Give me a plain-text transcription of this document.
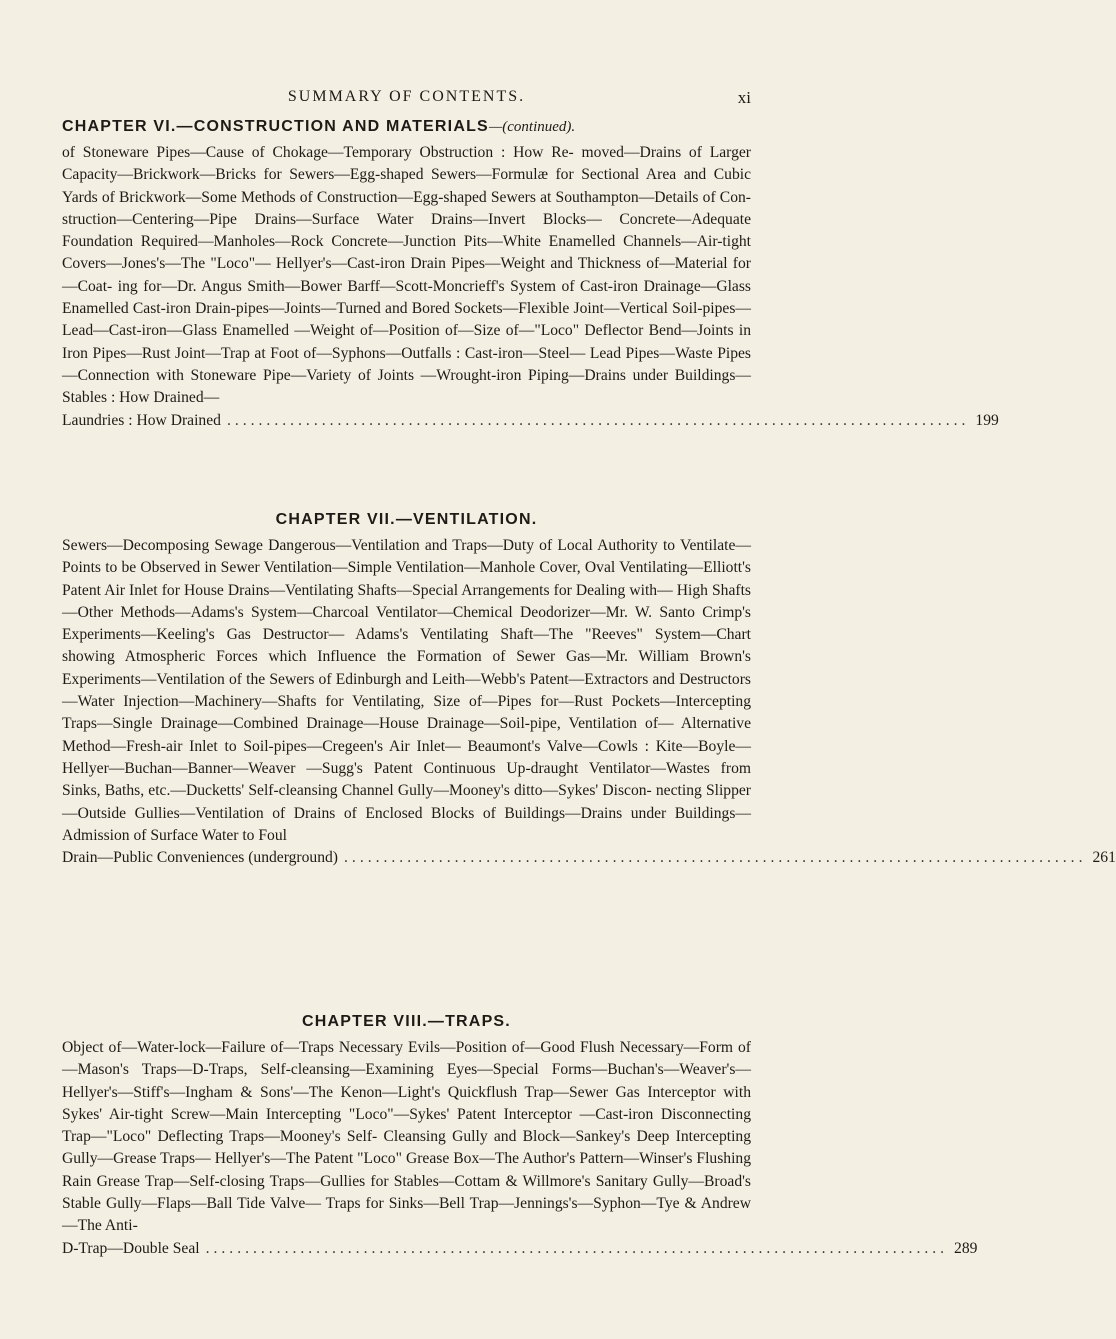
SUMMARY OF CONTENTS.	xi
CHAPTER VI.—CONSTRUCTION AND MATERIALS—(continued).
of Stoneware Pipes—Cause of Chokage—Temporary Obstruction : How Re- moved—Drains of Larger Capacity—Brickwork—Bricks for Sewers—Egg-shaped Sewers—Formulæ for Sectional Area and Cubic Yards of Brickwork—Some Methods of Construction—Egg-shaped Sewers at Southampton—Details of Con- struction—Centering—Pipe Drains—Surface Water Drains—Invert Blocks— Concrete—Adequate Foundation Required—Manholes—Rock Concrete—Junction Pits—White Enamelled Channels—Air-tight Covers—Jones's—The "Loco"— Hellyer's—Cast-iron Drain Pipes—Weight and Thickness of—Material for—Coat- ing for—Dr. Angus Smith—Bower Barff—Scott-Moncrieff's System of Cast-iron Drainage—Glass Enamelled Cast-iron Drain-pipes—Joints—Turned and Bored Sockets—Flexible Joint—Vertical Soil-pipes—Lead—Cast-iron—Glass Enamelled —Weight of—Position of—Size of—"Loco" Deflector Bend—Joints in Iron Pipes—Rust Joint—Trap at Foot of—Syphons—Outfalls : Cast-iron—Steel— Lead Pipes—Waste Pipes—Connection with Stoneware Pipe—Variety of Joints —Wrought-iron Piping—Drains under Buildings—Stables : How Drained—
Laundries : How Drained .............................................................................................. 199
CHAPTER VII.—VENTILATION.
Sewers—Decomposing Sewage Dangerous—Ventilation and Traps—Duty of Local Authority to Ventilate—Points to be Observed in Sewer Ventilation—Simple Ventilation—Manhole Cover, Oval Ventilating—Elliott's Patent Air Inlet for House Drains—Ventilating Shafts—Special Arrangements for Dealing with— High Shafts—Other Methods—Adams's System—Charcoal Ventilator—Chemical Deodorizer—Mr. W. Santo Crimp's Experiments—Keeling's Gas Destructor— Adams's Ventilating Shaft—The "Reeves" System—Chart showing Atmospheric Forces which Influence the Formation of Sewer Gas—Mr. William Brown's Experiments—Ventilation of the Sewers of Edinburgh and Leith—Webb's Patent—Extractors and Destructors—Water Injection—Machinery—Shafts for Ventilating, Size of—Pipes for—Rust Pockets—Intercepting Traps—Single Drainage—Combined Drainage—House Drainage—Soil-pipe, Ventilation of— Alternative Method—Fresh-air Inlet to Soil-pipes—Cregeen's Air Inlet— Beaumont's Valve—Cowls : Kite—Boyle—Hellyer—Buchan—Banner—Weaver —Sugg's Patent Continuous Up-draught Ventilator—Wastes from Sinks, Baths, etc.—Ducketts' Self-cleansing Channel Gully—Mooney's ditto—Sykes' Discon- necting Slipper—Outside Gullies—Ventilation of Drains of Enclosed Blocks of Buildings—Drains under Buildings—Admission of Surface Water to Foul
Drain—Public Conveniences (underground) .............................................................................................. 261
CHAPTER VIII.—TRAPS.
Object of—Water-lock—Failure of—Traps Necessary Evils—Position of—Good Flush Necessary—Form of—Mason's Traps—D-Traps, Self-cleansing—Examining Eyes—Special Forms—Buchan's—Weaver's—Hellyer's—Stiff's—Ingham & Sons'—The Kenon—Light's Quickflush Trap—Sewer Gas Interceptor with Sykes' Air-tight Screw—Main Intercepting "Loco"—Sykes' Patent Interceptor —Cast-iron Disconnecting Trap—"Loco" Deflecting Traps—Mooney's Self- Cleansing Gully and Block—Sankey's Deep Intercepting Gully—Grease Traps— Hellyer's—The Patent "Loco" Grease Box—The Author's Pattern—Winser's Flushing Rain Grease Trap—Self-closing Traps—Gullies for Stables—Cottam & Willmore's Sanitary Gully—Broad's Stable Gully—Flaps—Ball Tide Valve— Traps for Sinks—Bell Trap—Jennings's—Syphon—Tye & Andrew—The Anti-
D-Trap—Double Seal .............................................................................................. 289
